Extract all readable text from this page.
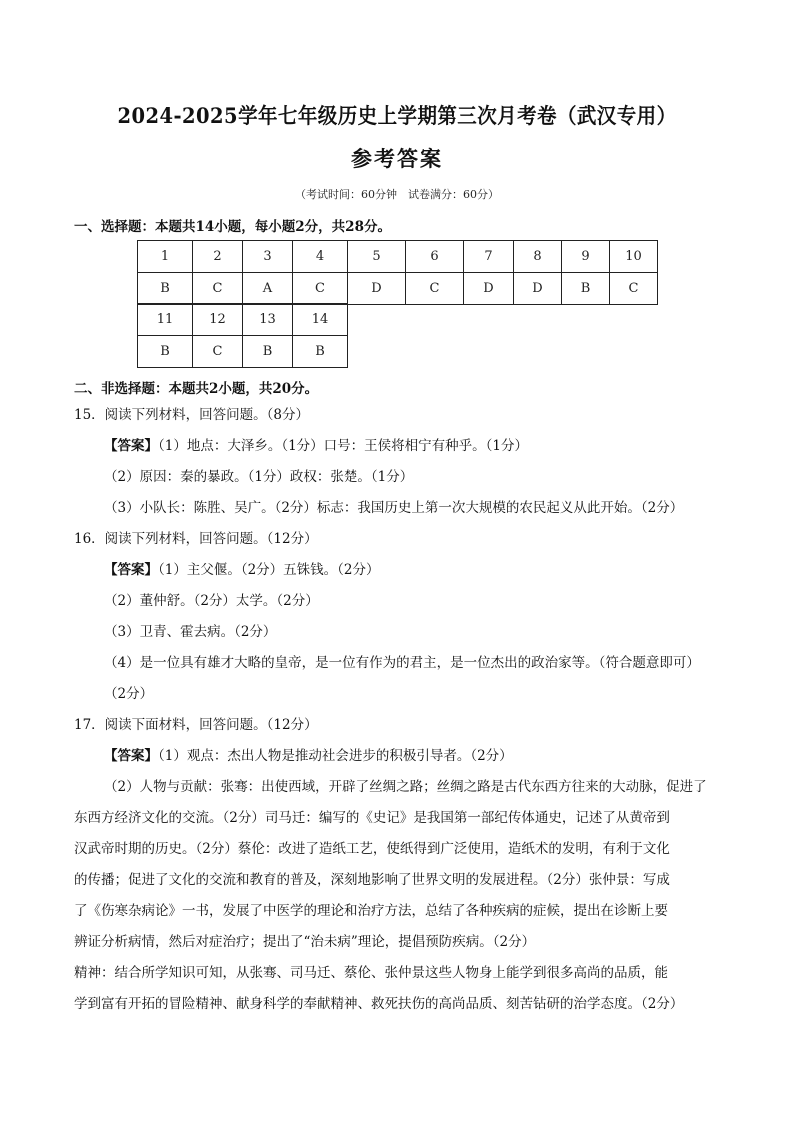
2024-2025学年七年级历史上学期第三次月考卷（武汉专用）
参考答案
（考试时间：60分钟　试卷满分：60分）
一、选择题：本题共14小题，每小题2分，共28分。
1	2	3	4	5	6	7	8	9	10
B	C	A	C	D	C	D	D	B	C
11	12	13	14
B	C	B	B
二、非选择题：本题共2小题，共20分。
15．阅读下列材料，回答问题。（8分）
【答案】（1）地点：大泽乡。（1分）口号：王侯将相宁有种乎。（1分）
（2）原因：秦的暴政。（1分）政权：张楚。（1分）
（3）小队长：陈胜、吴广。（2分）标志：我国历史上第一次大规模的农民起义从此开始。（2分）
16．阅读下列材料，回答问题。（12分）
【答案】（1）主父偃。（2分）五铢钱。（2分）
（2）董仲舒。（2分）太学。（2分）
（3）卫青、霍去病。（2分）
（4）是一位具有雄才大略的皇帝，是一位有作为的君主，是一位杰出的政治家等。（符合题意即可）
（2分）
17．阅读下面材料，回答问题。（12分）
【答案】（1）观点：杰出人物是推动社会进步的积极引导者。（2分）
（2）人物与贡献：张骞：出使西域，开辟了丝绸之路；丝绸之路是古代东西方往来的大动脉，促进了
东西方经济文化的交流。（2分）司马迁：编写的《史记》是我国第一部纪传体通史，记述了从黄帝到
汉武帝时期的历史。（2分）蔡伦：改进了造纸工艺，使纸得到广泛使用，造纸术的发明，有利于文化
的传播；促进了文化的交流和教育的普及，深刻地影响了世界文明的发展进程。（2分）张仲景：写成
了《伤寒杂病论》一书，发展了中医学的理论和治疗方法，总结了各种疾病的症候，提出在诊断上要
辨证分析病情，然后对症治疗；提出了“治未病”理论，提倡预防疾病。（2分）
精神：结合所学知识可知，从张骞、司马迁、蔡伦、张仲景这些人物身上能学到很多高尚的品质，能
学到富有开拓的冒险精神、献身科学的奉献精神、救死扶伤的高尚品质、刻苦钻研的治学态度。（2分）
